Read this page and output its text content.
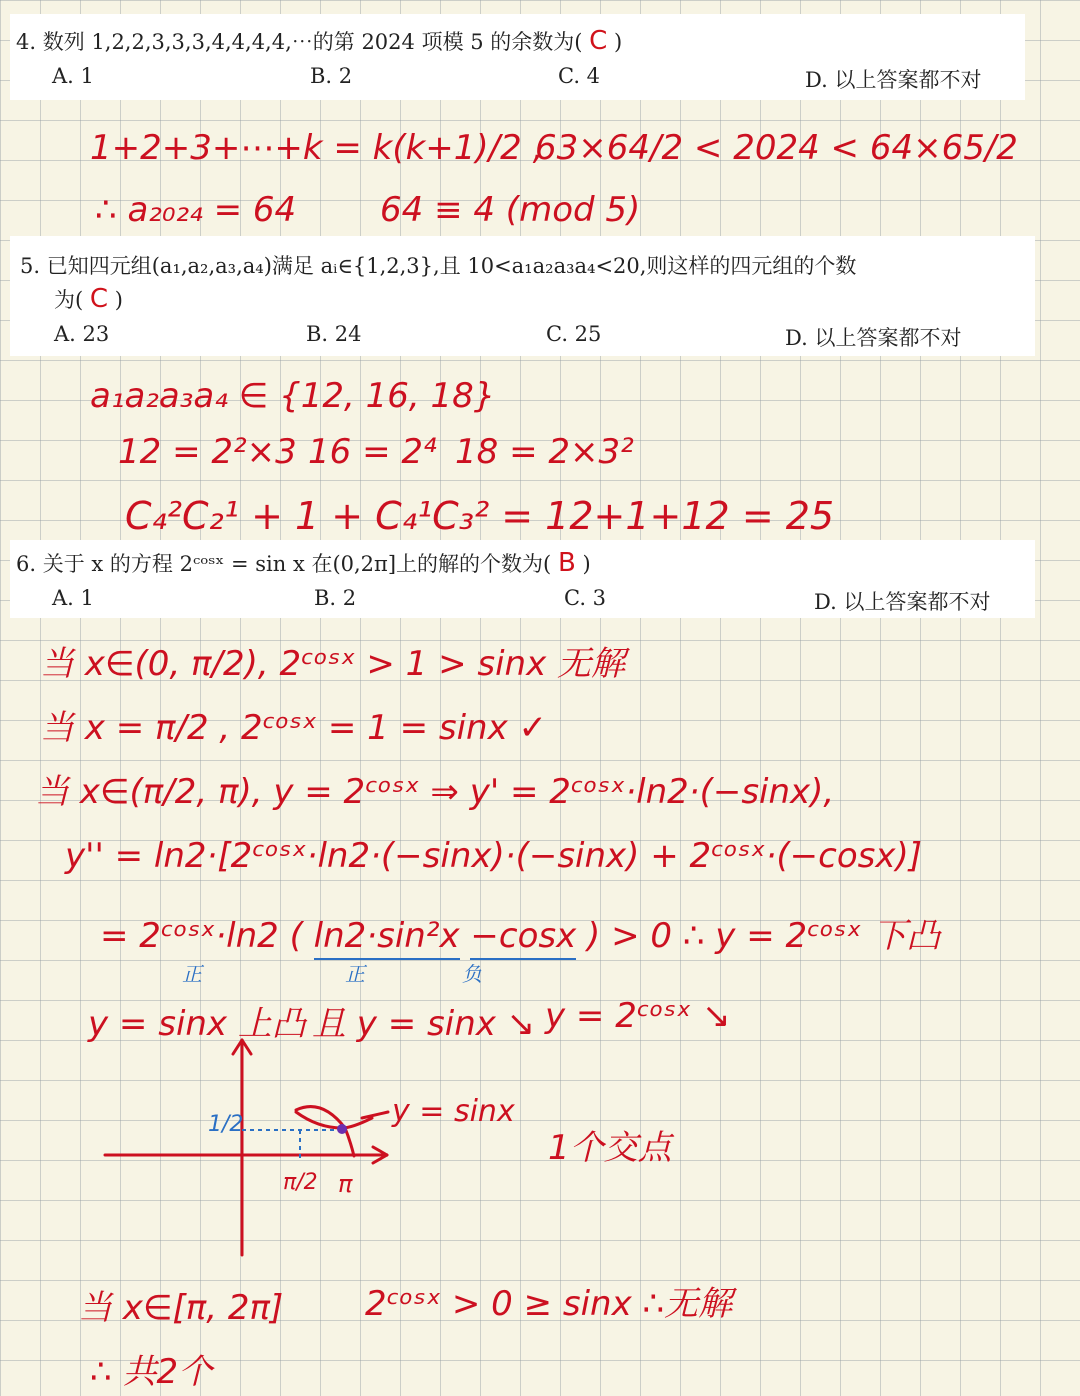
4. 数列 1,2,2,3,3,3,4,4,4,4,⋯的第 2024 项模 5 的余数为( C )
A. 1	B. 2	C. 4	D. 以上答案都不对
1+2+3+⋯+k = k(k+1)/2 ,
63×64/2 < 2024 < 64×65/2
∴ a₂₀₂₄ = 64 64 ≡ 4 (mod 5)
5. 已知四元组(a₁,a₂,a₃,a₄)满足 aᵢ∈{1,2,3},且 10<a₁a₂a₃a₄<20,则这样的四元组的个数
为( C )
A. 23	B. 24	C. 25	D. 以上答案都不对
a₁a₂a₃a₄ ∈ {12, 16, 18}
12 = 2²×3 16 = 2⁴ 18 = 2×3²
C₄²C₂¹ + 1 + C₄¹C₃² = 12+1+12 = 25
6. 关于 x 的方程 2ᶜᵒˢˣ = sin x 在(0,2π]上的解的个数为( B )
A. 1	B. 2	C. 3	D. 以上答案都不对
当 x∈(0, π/2), 2ᶜᵒˢˣ > 1 > sinx 无解
当 x = π/2 , 2ᶜᵒˢˣ = 1 = sinx ✓
当 x∈(π/2, π), y = 2ᶜᵒˢˣ ⇒ y' = 2ᶜᵒˢˣ·ln2·(−sinx),
y'' = ln2·[2ᶜᵒˢˣ·ln2·(−sinx)·(−sinx) + 2ᶜᵒˢˣ·(−cosx)]
= 2ᶜᵒˢˣ·ln2 ( ln2·sin²x −cosx ) > 0 ∴ y = 2ᶜᵒˢˣ 下凸
正	正	负
y = sinx 上凸 且 y = sinx ↘ y = 2ᶜᵒˢˣ ↘
y = sinx
1/2
π/2 π
1个交点
当 x∈[π, 2π] 2ᶜᵒˢˣ > 0 ≥ sinx ∴无解
∴ 共2个
